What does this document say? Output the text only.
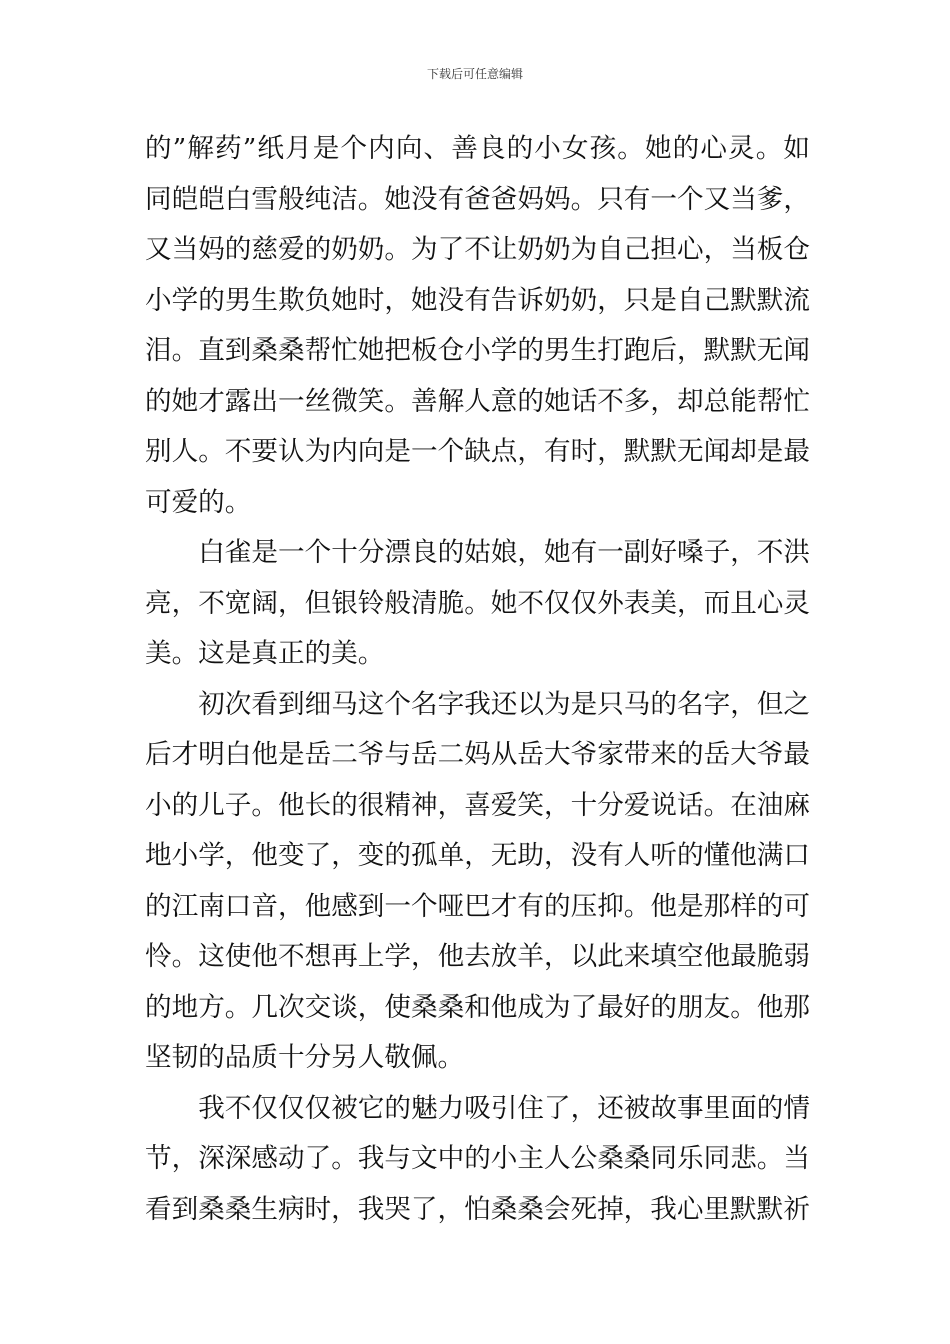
下载后可任意编辑

的”解药”纸月是个内向、善良的小女孩。她的心灵。如同皑皑白雪般纯洁。她没有爸爸妈妈。只有一个又当爹，又当妈的慈爱的奶奶。为了不让奶奶为自己担心，当板仓小学的男生欺负她时，她没有告诉奶奶，只是自己默默流泪。直到桑桑帮忙她把板仓小学的男生打跑后，默默无闻的她才露出一丝微笑。善解人意的她话不多，却总能帮忙别人。不要认为内向是一个缺点，有时，默默无闻却是最可爱的。

白雀是一个十分漂良的姑娘，她有一副好嗓子，不洪亮，不宽阔，但银铃般清脆。她不仅仅外表美，而且心灵美。这是真正的美。

初次看到细马这个名字我还以为是只马的名字，但之后才明白他是岳二爷与岳二妈从岳大爷家带来的岳大爷最小的儿子。他长的很精神，喜爱笑，十分爱说话。在油麻地小学，他变了，变的孤单，无助，没有人听的懂他满口的江南口音，他感到一个哑巴才有的压抑。他是那样的可怜。这使他不想再上学，他去放羊，以此来填空他最脆弱的地方。几次交谈，使桑桑和他成为了最好的朋友。他那坚韧的品质十分另人敬佩。

我不仅仅仅被它的魅力吸引住了，还被故事里面的情节，深深感动了。我与文中的小主人公桑桑同乐同悲。当看到桑桑生病时，我哭了，怕桑桑会死掉，我心里默默祈
